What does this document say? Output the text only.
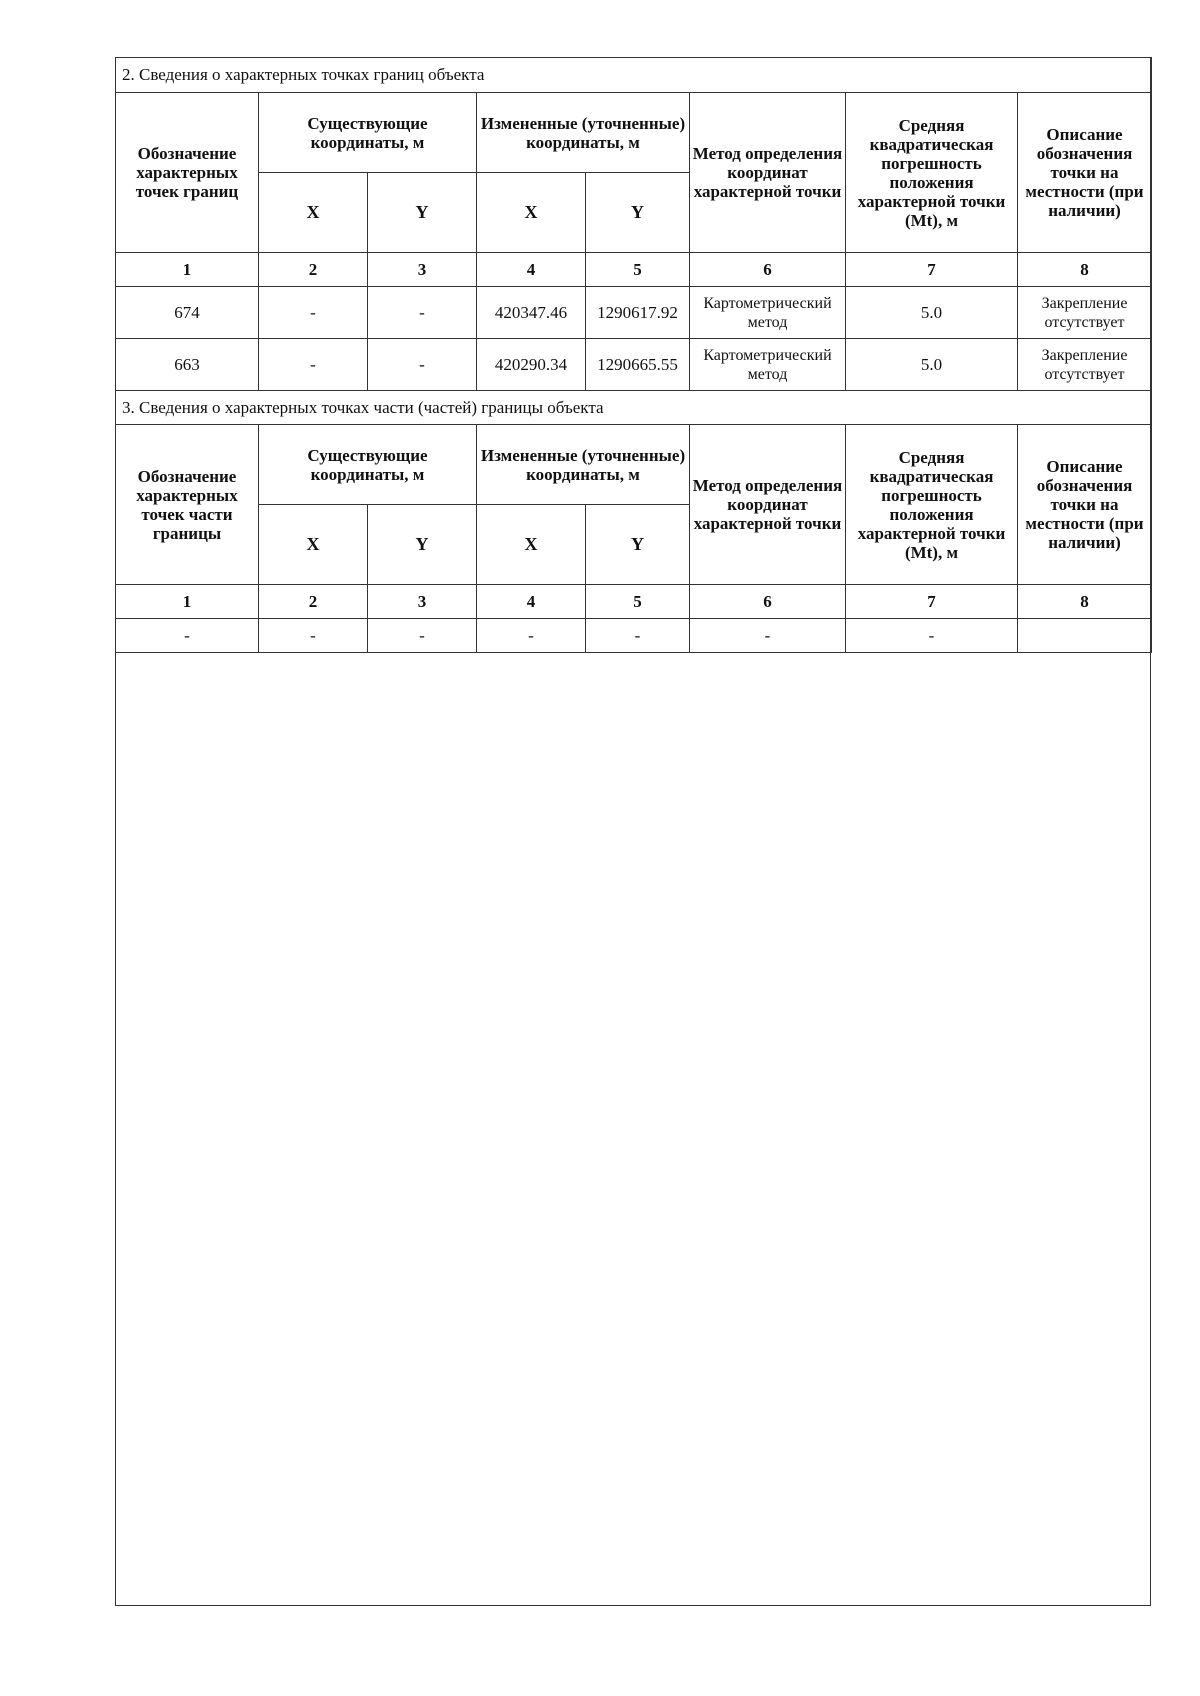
2. Сведения о характерных точках границ объекта							
Обозначение характерных точек границ	Существующие координаты, м		Измененные (уточненные) координаты, м		Метод определения координат характерной точки	Средняя квадратическая погрешность положения характерной точки (Mt), м	Описание обозначения точки на местности (при наличии)
	X	Y	X	Y			
1	2	3	4	5	6	7	8
674	-	-	420347.46	1290617.92	Картометрический метод	5.0	Закрепление отсутствует
663	-	-	420290.34	1290665.55	Картометрический метод	5.0	Закрепление отсутствует
3. Сведения о характерных точках части (частей) границы объекта							
Обозначение характерных точек части границы	Существующие координаты, м		Измененные (уточненные) координаты, м		Метод определения координат характерной точки	Средняя квадратическая погрешность положения характерной точки (Mt), м	Описание обозначения точки на местности (при наличии)
	X	Y	X	Y			
1	2	3	4	5	6	7	8
-	-	-	-	-	-	-	
